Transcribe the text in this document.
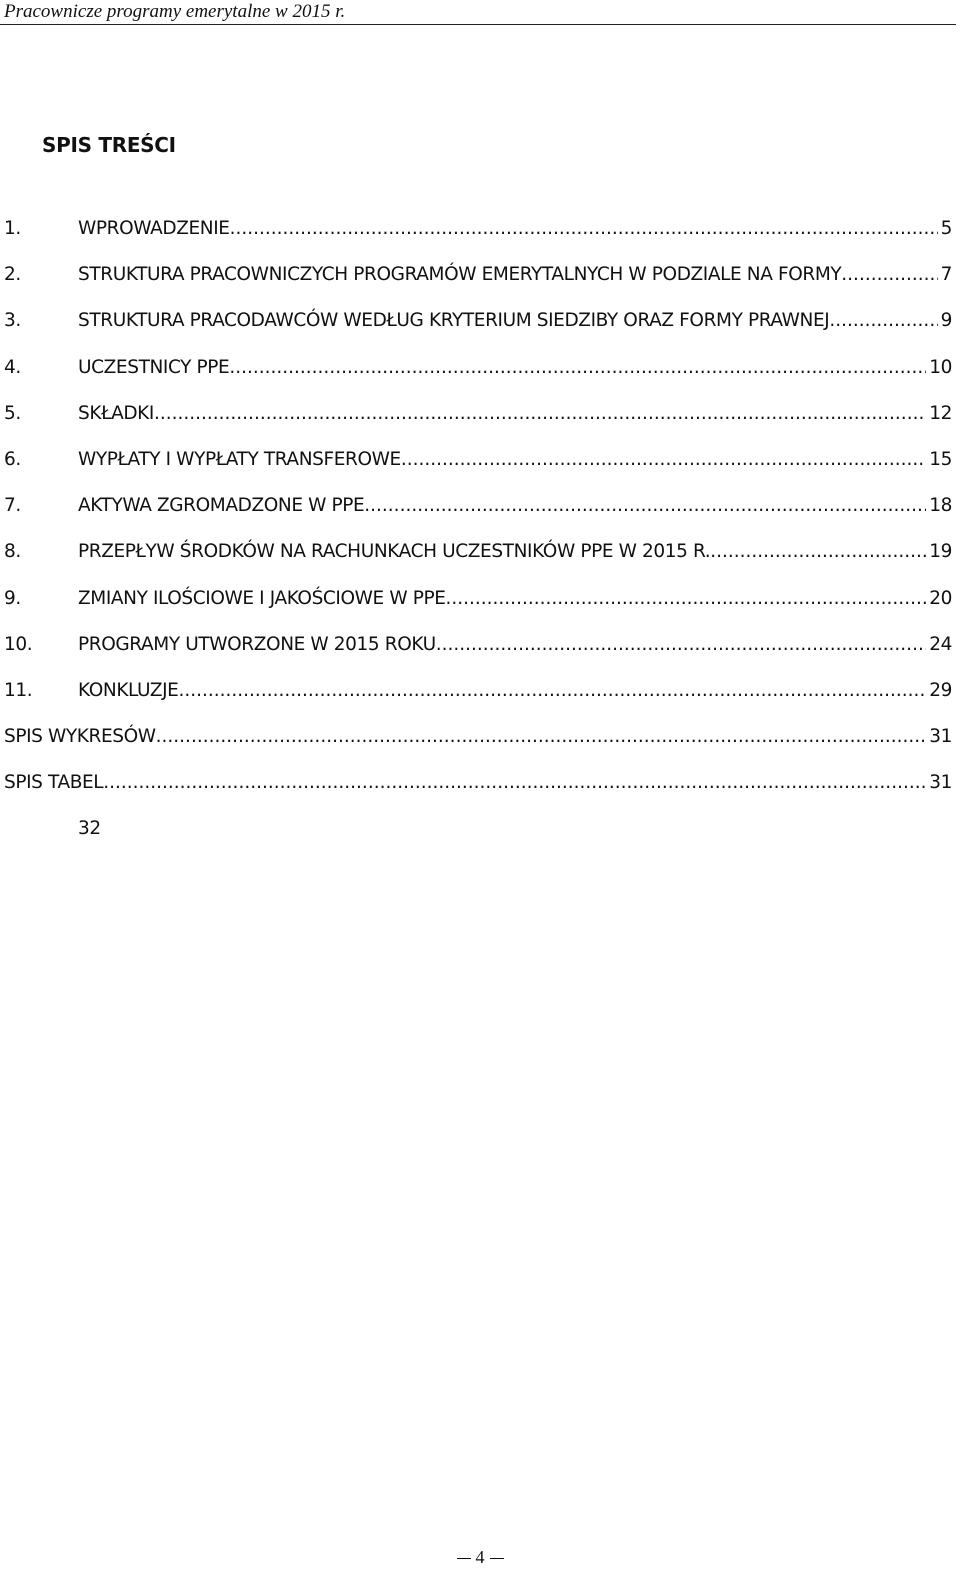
Pracownicze programy emerytalne w 2015 r.
SPIS TREŚCI
1.	WPROWADZENIE .....	5
2.	STRUKTURA PRACOWNICZYCH PROGRAMÓW EMERYTALNYCH W PODZIALE NA FORMY .....	7
3.	STRUKTURA PRACODAWCÓW WEDŁUG KRYTERIUM SIEDZIBY ORAZ FORMY PRAWNEJ .....	9
4.	UCZESTNICY PPE .....	10
5.	SKŁADKI .....	12
6.	WYPŁATY I WYPŁATY TRANSFEROWE .....	15
7.	AKTYWA ZGROMADZONE W PPE .....	18
8.	PRZEPŁYW ŚRODKÓW NA RACHUNKACH UCZESTNIKÓW PPE W 2015 R. .....	19
9.	ZMIANY ILOŚCIOWE I JAKOŚCIOWE W PPE .....	20
10.	PROGRAMY UTWORZONE W 2015 ROKU .....	24
11.	KONKLUZJE .....	29
SPIS WYKRESÓW .....	31
SPIS TABEL .....	31
32
4
